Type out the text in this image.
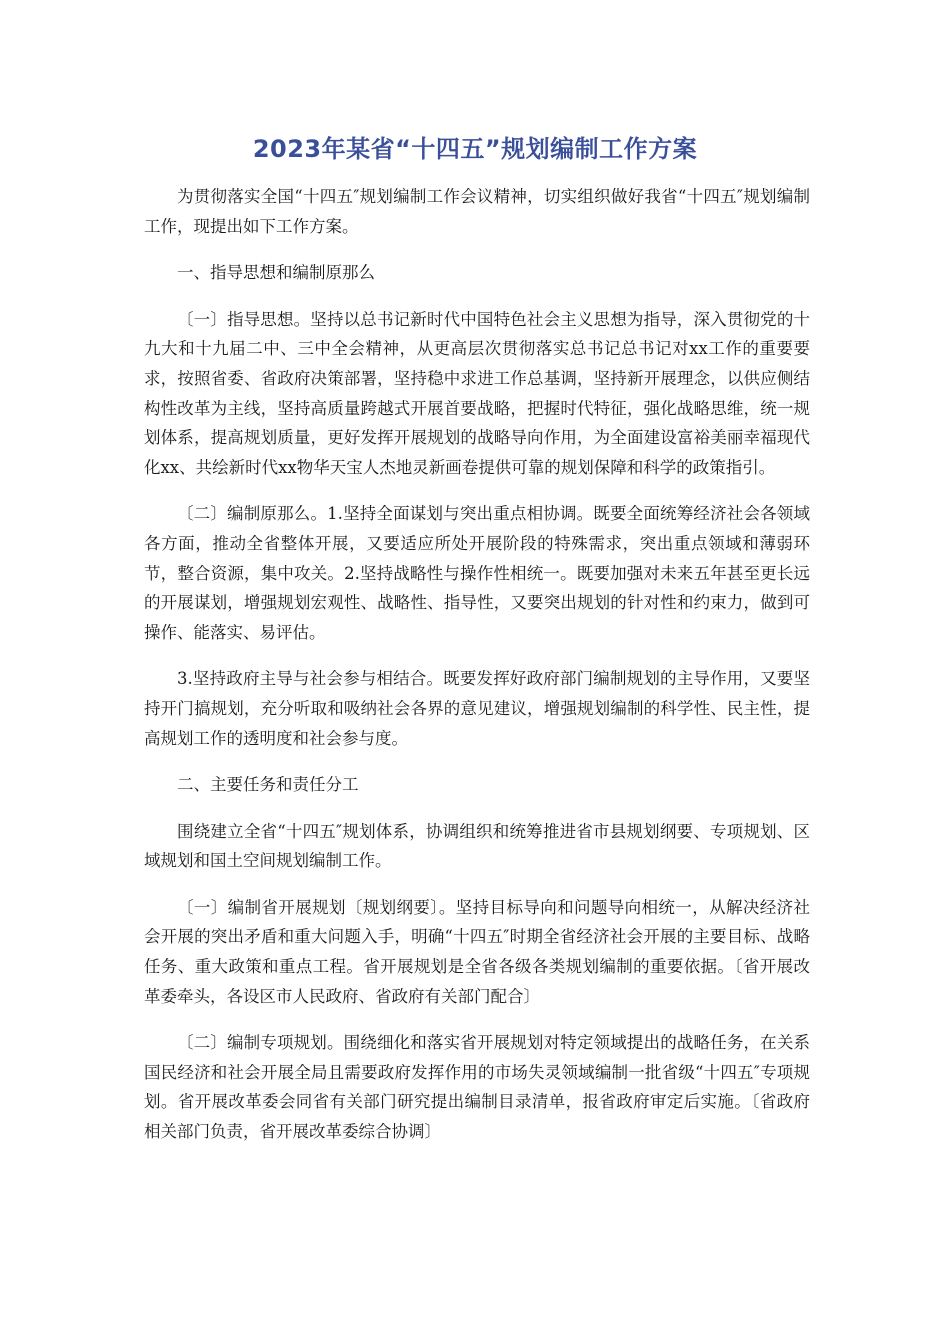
2023年某省“十四五”规划编制工作方案

为贯彻落实全国“十四五″规划编制工作会议精神，切实组织做好我省“十四五″规划编制工作，现提出如下工作方案。

一、指导思想和编制原那么

〔一〕指导思想。坚持以总书记新时代中国特色社会主义思想为指导，深入贯彻党的十九大和十九届二中、三中全会精神，从更高层次贯彻落实总书记总书记对xx工作的重要要求，按照省委、省政府决策部署，坚持稳中求进工作总基调，坚持新开展理念，以供应侧结构性改革为主线，坚持高质量跨越式开展首要战略，把握时代特征，强化战略思维，统一规划体系，提高规划质量，更好发挥开展规划的战略导向作用，为全面建设富裕美丽幸福现代化xx、共绘新时代xx物华天宝人杰地灵新画卷提供可靠的规划保障和科学的政策指引。

〔二〕编制原那么。1.坚持全面谋划与突出重点相协调。既要全面统筹经济社会各领域各方面，推动全省整体开展，又要适应所处开展阶段的特殊需求，突出重点领域和薄弱环节，整合资源，集中攻关。2.坚持战略性与操作性相统一。既要加强对未来五年甚至更长远的开展谋划，增强规划宏观性、战略性、指导性，又要突出规划的针对性和约束力，做到可操作、能落实、易评估。

3.坚持政府主导与社会参与相结合。既要发挥好政府部门编制规划的主导作用，又要坚持开门搞规划，充分听取和吸纳社会各界的意见建议，增强规划编制的科学性、民主性，提高规划工作的透明度和社会参与度。

二、主要任务和责任分工

围绕建立全省“十四五″规划体系，协调组织和统筹推进省市县规划纲要、专项规划、区域规划和国土空间规划编制工作。

〔一〕编制省开展规划〔规划纲要〕。坚持目标导向和问题导向相统一，从解决经济社会开展的突出矛盾和重大问题入手，明确“十四五″时期全省经济社会开展的主要目标、战略任务、重大政策和重点工程。省开展规划是全省各级各类规划编制的重要依据。〔省开展改革委牵头，各设区市人民政府、省政府有关部门配合〕

〔二〕编制专项规划。围绕细化和落实省开展规划对特定领域提出的战略任务，在关系国民经济和社会开展全局且需要政府发挥作用的市场失灵领域编制一批省级“十四五″专项规划。省开展改革委会同省有关部门研究提出编制目录清单，报省政府审定后实施。〔省政府相关部门负责，省开展改革委综合协调〕
